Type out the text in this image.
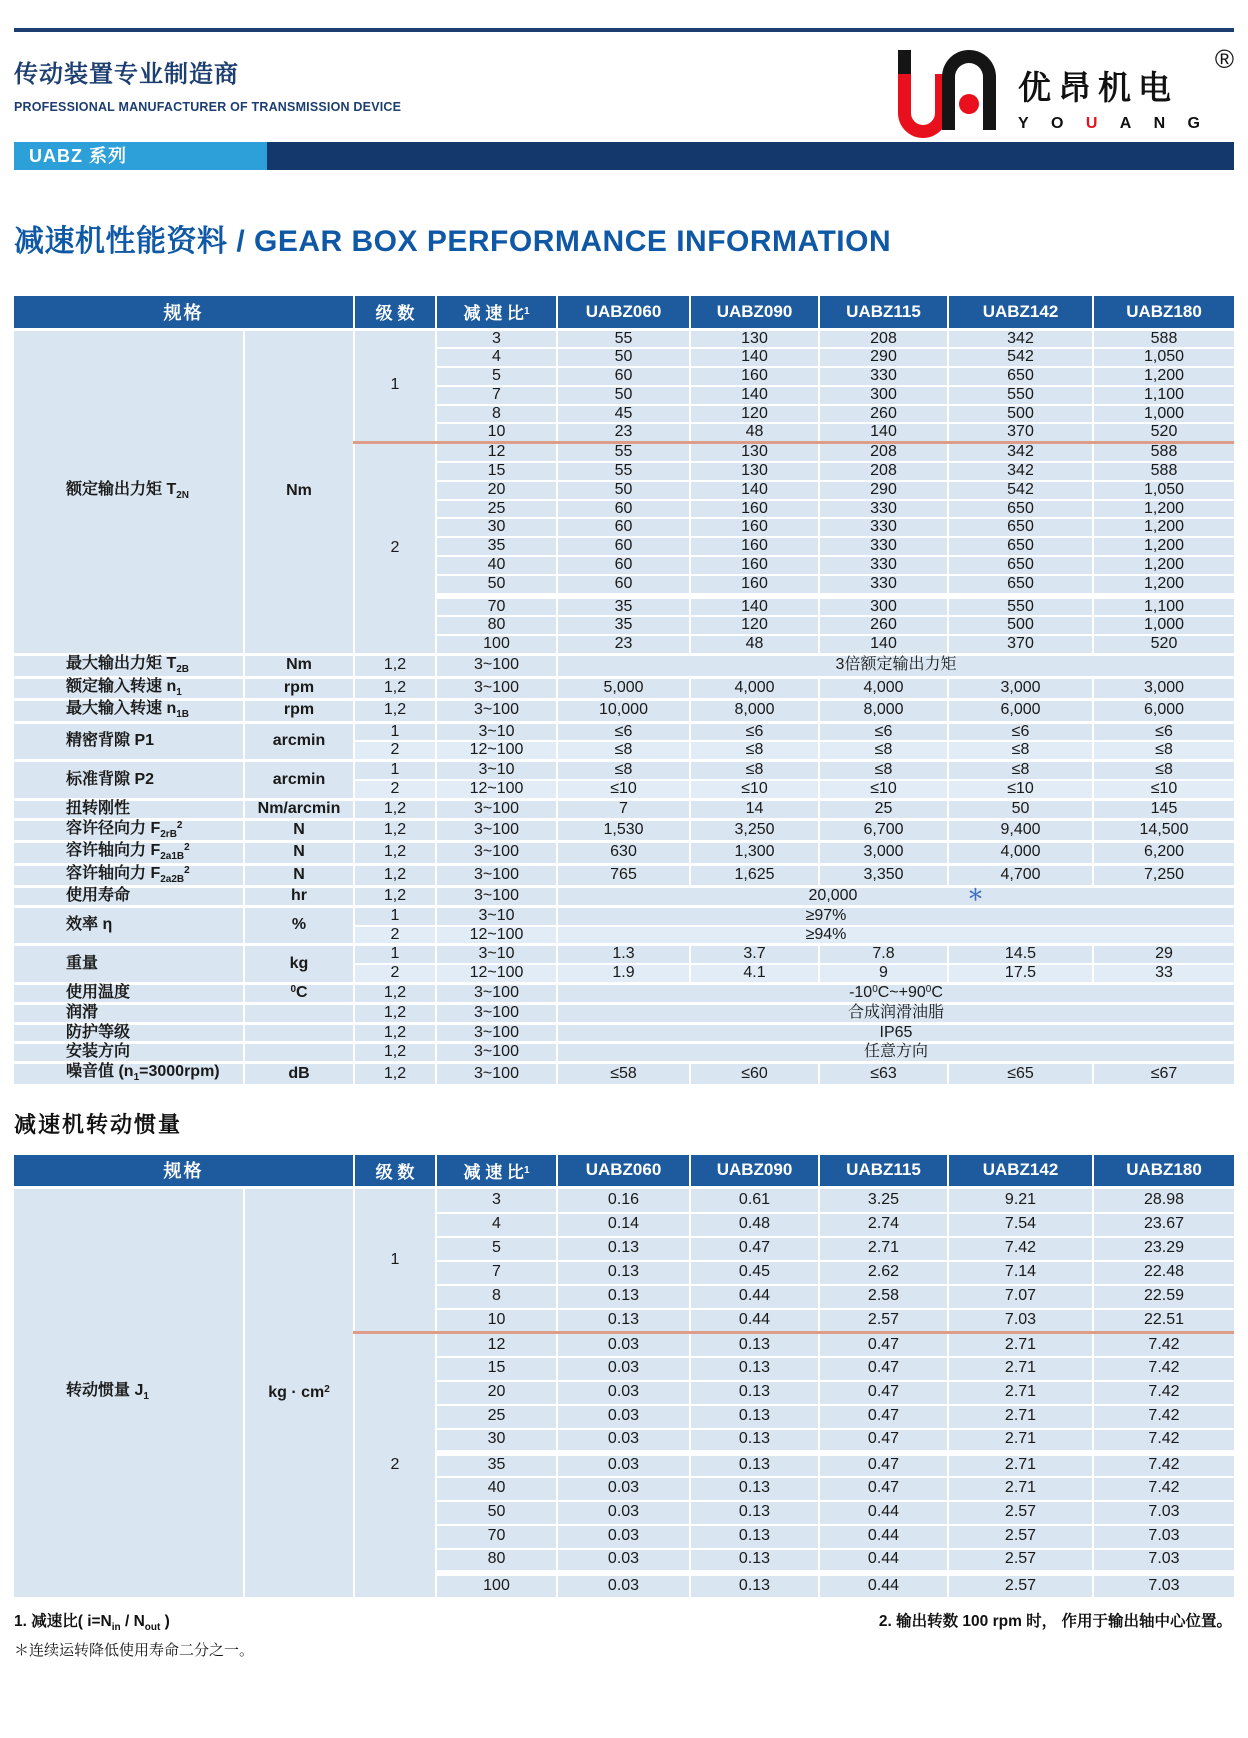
传动装置专业制造商
PROFESSIONAL MANUFACTURER OF TRANSMISSION DEVICE
优昂机电
Y O U A N G
®
UABZ 系列
减速机性能资料 / GEAR BOX PERFORMANCE INFORMATION
规格		级 数	减 速 比$^1$	UABZ060	UABZ090	UABZ115	UABZ142	UABZ180
额定输出力矩 $T_{2N}$	Nm	1	3	55	130	208	342	588
			4	50	140	290	542	1,050
			5	60	160	330	650	1,200
			7	50	140	300	550	1,100
			8	45	120	260	500	1,000
			10	23	48	140	370	520
		2	12	55	130	208	342	588
			15	55	130	208	342	588
			20	50	140	290	542	1,050
			25	60	160	330	650	1,200
			30	60	160	330	650	1,200
			35	60	160	330	650	1,200
			40	60	160	330	650	1,200
			50	60	160	330	650	1,200
			70	35	140	300	550	1,100
			80	35	120	260	500	1,000
			100	23	48	140	370	520
最大输出力矩 $T_{2B}$	Nm	1,2	3~100	3倍额定输出力矩				
额定输入转速 $n_1$	rpm	1,2	3~100	5,000	4,000	4,000	3,000	3,000
最大输入转速 $n_{1B}$	rpm	1,2	3~100	10,000	8,000	8,000	6,000	6,000
精密背隙 P1	arcmin	1	3~10	≤6	≤6	≤6	≤6	≤6
		2	12~100	≤8	≤8	≤8	≤8	≤8
标准背隙 P2	arcmin	1	3~10	≤8	≤8	≤8	≤8	≤8
		2	12~100	≤10	≤10	≤10	≤10	≤10
扭转刚性	Nm/arcmin	1,2	3~100	7	14	25	50	145
容许径向力 $F_{2rB}^2$	N	1,2	3~100	1,530	3,250	6,700	9,400	14,500
容许轴向力 $F_{2a1B}^2$	N	1,2	3~100	630	1,300	3,000	4,000	6,200
容许轴向力 $F_{2a2B}^2$	N	1,2	3~100	765	1,625	3,350	4,700	7,250
使用寿命	hr	1,2	3~100	20,000 ＊				
效率 η	%	1	3~10	≥97%				
		2	12~100	≥94%				
重量	kg	1	3~10	1.3	3.7	7.8	14.5	29
		2	12~100	1.9	4.1	9	17.5	33
使用温度	$^0$C	1,2	3~100	$-10^0C\sim+90^0C$				
润滑		1,2	3~100	合成润滑油脂				
防护等级		1,2	3~100	IP65				
安装方向		1,2	3~100	任意方向				
噪音值 $(n_1=3000rpm)$	dB	1,2	3~100	≤58	≤60	≤63	≤65	≤67
减速机转动惯量
规格		级 数	减 速 比$^1$	UABZ060	UABZ090	UABZ115	UABZ142	UABZ180
转动惯量 $J_1$	kg · $cm^2$	1	3	0.16	0.61	3.25	9.21	28.98
			4	0.14	0.48	2.74	7.54	23.67
			5	0.13	0.47	2.71	7.42	23.29
			7	0.13	0.45	2.62	7.14	22.48
			8	0.13	0.44	2.58	7.07	22.59
			10	0.13	0.44	2.57	7.03	22.51
		2	12	0.03	0.13	0.47	2.71	7.42
			15	0.03	0.13	0.47	2.71	7.42
			20	0.03	0.13	0.47	2.71	7.42
			25	0.03	0.13	0.47	2.71	7.42
			30	0.03	0.13	0.47	2.71	7.42
			35	0.03	0.13	0.47	2.71	7.42
			40	0.03	0.13	0.47	2.71	7.42
			50	0.03	0.13	0.44	2.57	7.03
			70	0.03	0.13	0.44	2.57	7.03
			80	0.03	0.13	0.44	2.57	7.03
			100	0.03	0.13	0.44	2.57	7.03
1. 减速比( $i=N_{in} / N_{out}$ )
＊连续运转降低使用寿命二分之一。
2. 输出转数 100 rpm 时， 作用于输出轴中心位置。
